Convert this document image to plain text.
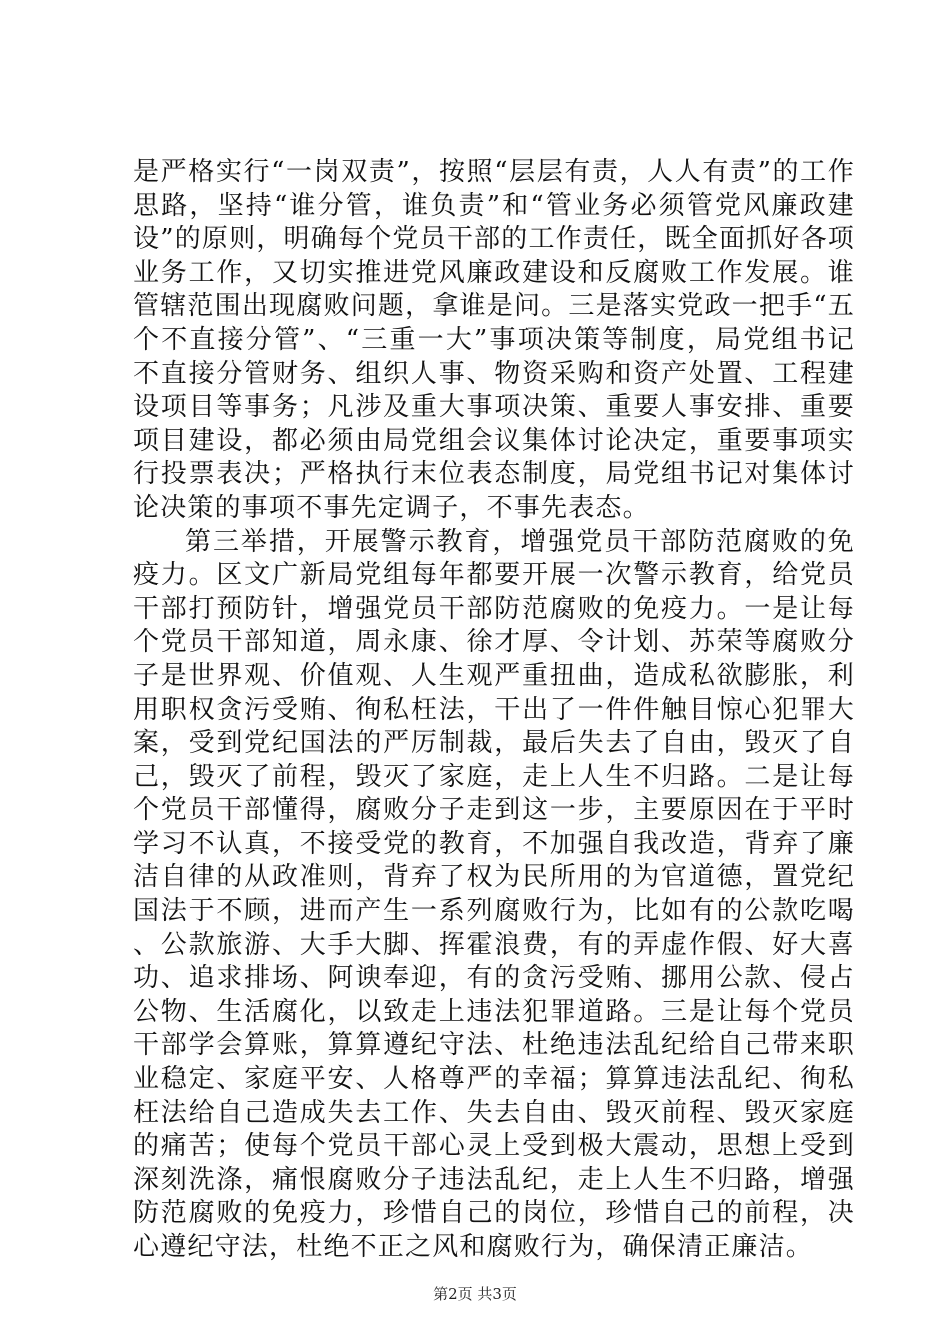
是严格实行“一岗双责”，按照“层层有责，人人有责”的工作思路，坚持“谁分管，谁负责”和“管业务必须管党风廉政建设”的原则，明确每个党员干部的工作责任，既全面抓好各项业务工作，又切实推进党风廉政建设和反腐败工作发展。谁管辖范围出现腐败问题，拿谁是问。三是落实党政一把手“五个不直接分管”、“三重一大”事项决策等制度，局党组书记不直接分管财务、组织人事、物资采购和资产处置、工程建设项目等事务；凡涉及重大事项决策、重要人事安排、重要项目建设，都必须由局党组会议集体讨论决定，重要事项实行投票表决；严格执行末位表态制度，局党组书记对集体讨论决策的事项不事先定调子，不事先表态。

第三举措，开展警示教育，增强党员干部防范腐败的免疫力。区文广新局党组每年都要开展一次警示教育，给党员干部打预防针，增强党员干部防范腐败的免疫力。一是让每个党员干部知道，周永康、徐才厚、令计划、苏荣等腐败分子是世界观、价值观、人生观严重扭曲，造成私欲膨胀，利用职权贪污受贿、徇私枉法，干出了一件件触目惊心犯罪大案，受到党纪国法的严厉制裁，最后失去了自由，毁灭了自己，毁灭了前程，毁灭了家庭，走上人生不归路。二是让每个党员干部懂得，腐败分子走到这一步，主要原因在于平时学习不认真，不接受党的教育，不加强自我改造，背弃了廉洁自律的从政准则，背弃了权为民所用的为官道德，置党纪国法于不顾，进而产生一系列腐败行为，比如有的公款吃喝、公款旅游、大手大脚、挥霍浪费，有的弄虚作假、好大喜功、追求排场、阿谀奉迎，有的贪污受贿、挪用公款、侵占公物、生活腐化，以致走上违法犯罪道路。三是让每个党员干部学会算账，算算遵纪守法、杜绝违法乱纪给自己带来职业稳定、家庭平安、人格尊严的幸福；算算违法乱纪、徇私枉法给自己造成失去工作、失去自由、毁灭前程、毁灭家庭的痛苦；使每个党员干部心灵上受到极大震动，思想上受到深刻洗涤，痛恨腐败分子违法乱纪，走上人生不归路，增强防范腐败的免疫力，珍惜自己的岗位，珍惜自己的前程，决心遵纪守法，杜绝不正之风和腐败行为，确保清正廉洁。

第2页 共3页
